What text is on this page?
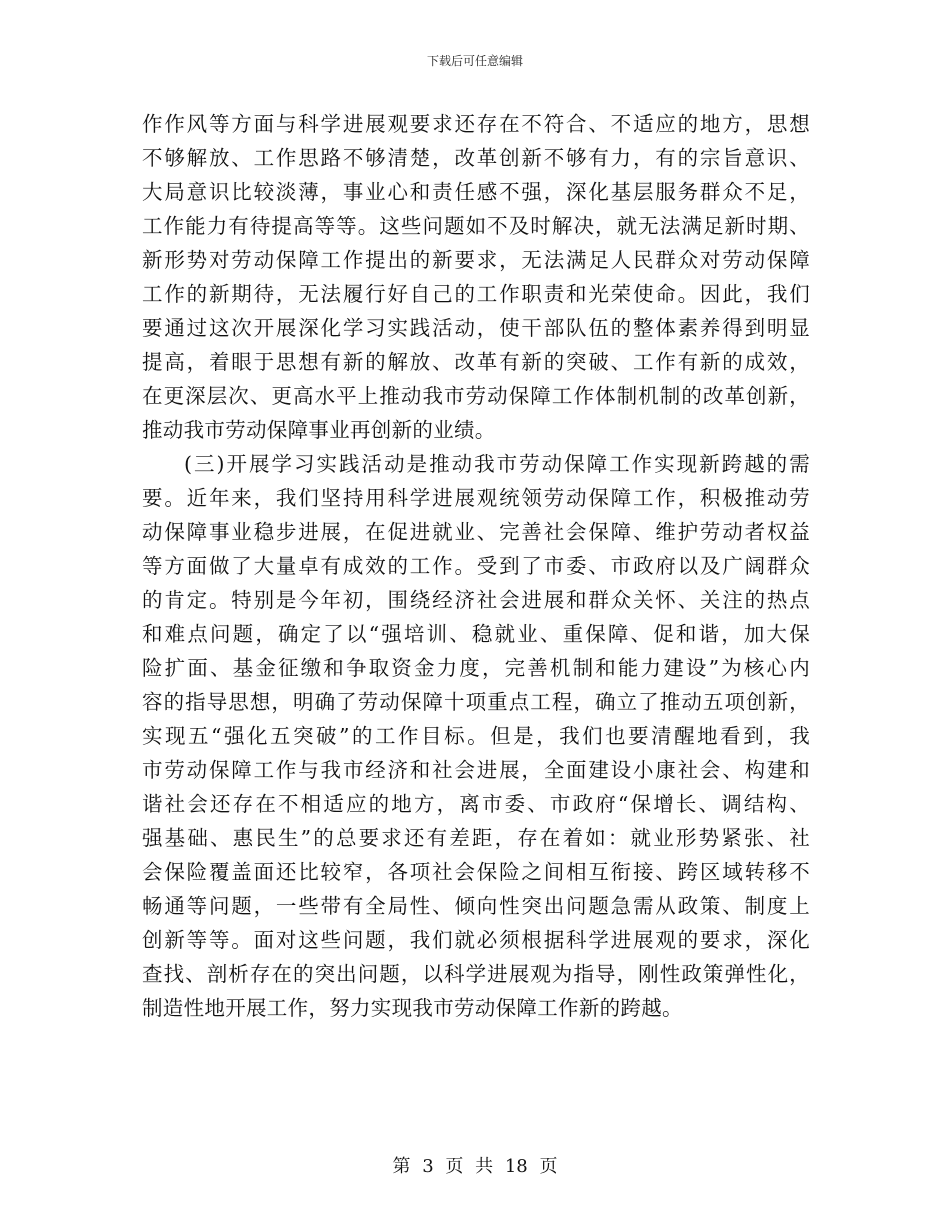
下载后可任意编辑
作作风等方面与科学进展观要求还存在不符合、不适应的地方，思想
不够解放、工作思路不够清楚，改革创新不够有力，有的宗旨意识、
大局意识比较淡薄，事业心和责任感不强，深化基层服务群众不足，
工作能力有待提高等等。这些问题如不及时解决，就无法满足新时期、
新形势对劳动保障工作提出的新要求，无法满足人民群众对劳动保障
工作的新期待，无法履行好自己的工作职责和光荣使命。因此，我们
要通过这次开展深化学习实践活动，使干部队伍的整体素养得到明显
提高，着眼于思想有新的解放、改革有新的突破、工作有新的成效，
在更深层次、更高水平上推动我市劳动保障工作体制机制的改革创新，
推动我市劳动保障事业再创新的业绩。
(三)开展学习实践活动是推动我市劳动保障工作实现新跨越的需
要。近年来，我们坚持用科学进展观统领劳动保障工作，积极推动劳
动保障事业稳步进展，在促进就业、完善社会保障、维护劳动者权益
等方面做了大量卓有成效的工作。受到了市委、市政府以及广阔群众
的肯定。特别是今年初，围绕经济社会进展和群众关怀、关注的热点
和难点问题，确定了以“强培训、稳就业、重保障、促和谐，加大保
险扩面、基金征缴和争取资金力度，完善机制和能力建设”为核心内
容的指导思想，明确了劳动保障十项重点工程，确立了推动五项创新，
实现五“强化五突破”的工作目标。但是，我们也要清醒地看到，我
市劳动保障工作与我市经济和社会进展，全面建设小康社会、构建和
谐社会还存在不相适应的地方，离市委、市政府“保增长、调结构、
强基础、惠民生”的总要求还有差距，存在着如：就业形势紧张、社
会保险覆盖面还比较窄，各项社会保险之间相互衔接、跨区域转移不
畅通等问题，一些带有全局性、倾向性突出问题急需从政策、制度上
创新等等。面对这些问题，我们就必须根据科学进展观的要求，深化
查找、剖析存在的突出问题，以科学进展观为指导，刚性政策弹性化，
制造性地开展工作，努力实现我市劳动保障工作新的跨越。
第 3 页 共 18 页
